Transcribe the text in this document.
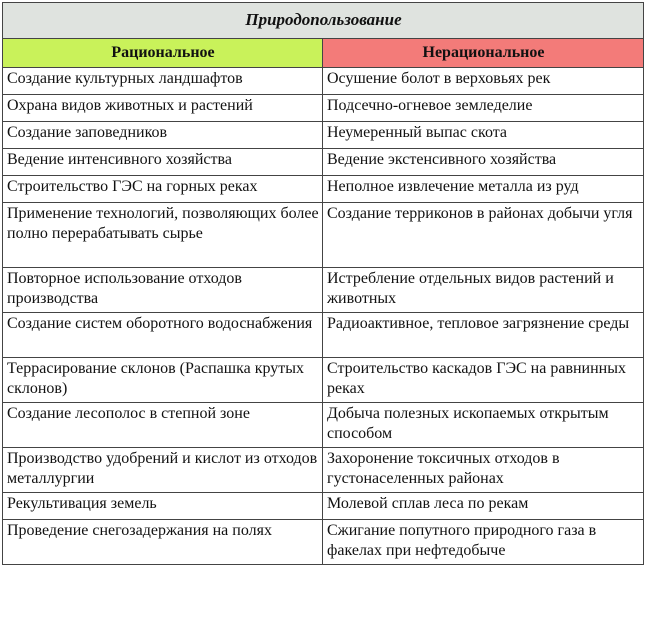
Природопользование	
Рациональное	Нерациональное
Создание культурных ландшафтов	Осушение болот в верховьях рек
Охрана видов животных и растений	Подсечно-огневое земледелие
Создание заповедников	Неумеренный выпас скота
Ведение интенсивного хозяйства	Ведение экстенсивного хозяйства
Строительство ГЭС на горных реках	Неполное извлечение металла из руд
Применение технологий, позволяющих более полно перерабатывать сырье	Создание терриконов в районах добычи угля
Повторное использование отходов производства	Истребление отдельных видов растений и животных
Создание систем оборотного водоснабжения	Радиоактивное, тепловое загрязнение среды
Террасирование склонов (Распашка крутых склонов)	Строительство каскадов ГЭС на равнинных реках
Создание лесополос в степной зоне	Добыча полезных ископаемых открытым способом
Производство удобрений и кислот из отходов металлургии	Захоронение токсичных отходов в густонаселенных районах
Рекультивация земель	Молевой сплав леса по рекам
Проведение снегозадержания на полях	Сжигание попутного природного газа в факелах при нефтедобыче
